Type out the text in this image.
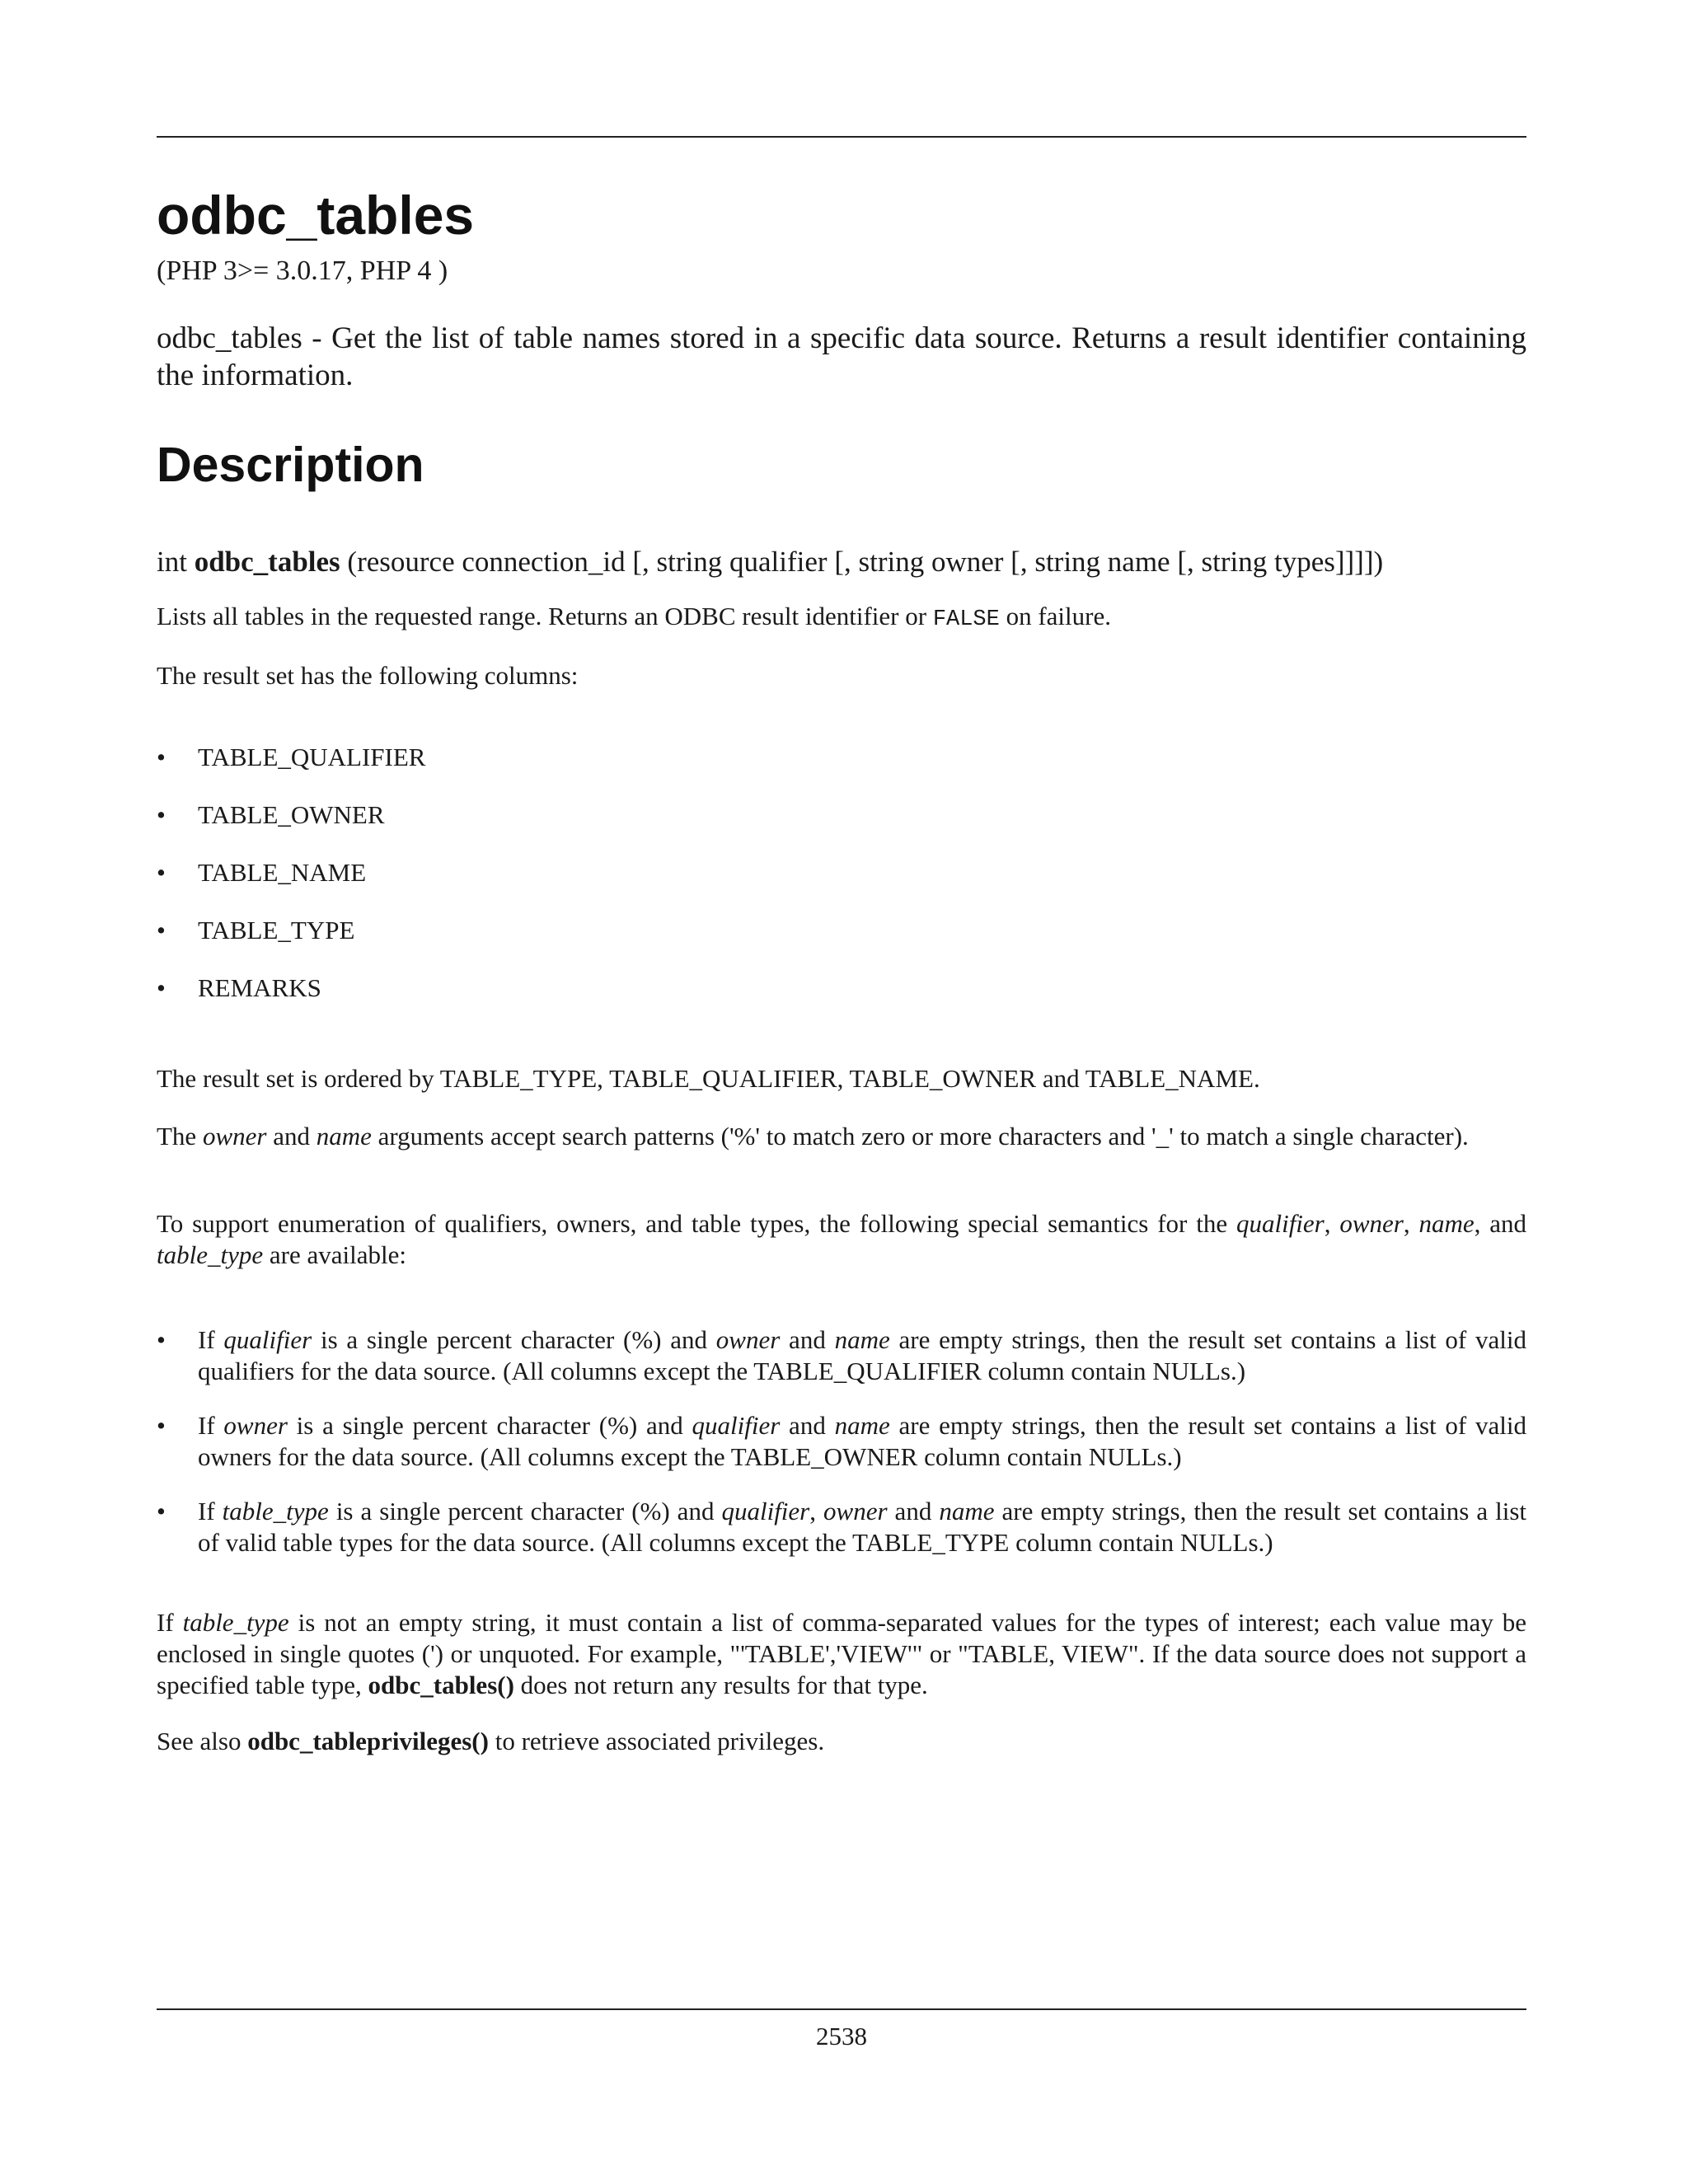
odbc_tables
(PHP 3>= 3.0.17, PHP 4 )
odbc_tables - Get the list of table names stored in a specific data source. Returns a result identifier containing the information.
Description
int odbc_tables (resource connection_id [, string qualifier [, string owner [, string name [, string types]]]])

Lists all tables in the requested range. Returns an ODBC result identifier or FALSE on failure.

The result set has the following columns:

• TABLE_QUALIFIER
• TABLE_OWNER
• TABLE_NAME
• TABLE_TYPE
• REMARKS

The result set is ordered by TABLE_TYPE, TABLE_QUALIFIER, TABLE_OWNER and TABLE_NAME.

The owner and name arguments accept search patterns ('%' to match zero or more characters and '_' to match a single character).

To support enumeration of qualifiers, owners, and table types, the following special semantics for the qualifier, owner, name, and table_type are available:

• If qualifier is a single percent character (%) and owner and name are empty strings, then the result set contains a list of valid qualifiers for the data source. (All columns except the TABLE_QUALIFIER column contain NULLs.)
• If owner is a single percent character (%) and qualifier and name are empty strings, then the result set contains a list of valid owners for the data source. (All columns except the TABLE_OWNER column contain NULLs.)
• If table_type is a single percent character (%) and qualifier, owner and name are empty strings, then the result set contains a list of valid table types for the data source. (All columns except the TABLE_TYPE column contain NULLs.)

If table_type is not an empty string, it must contain a list of comma-separated values for the types of interest; each value may be enclosed in single quotes (') or unquoted. For example, "'TABLE','VIEW'" or "TABLE, VIEW". If the data source does not support a specified table type, odbc_tables() does not return any results for that type.

See also odbc_tableprivileges() to retrieve associated privileges.

2538
